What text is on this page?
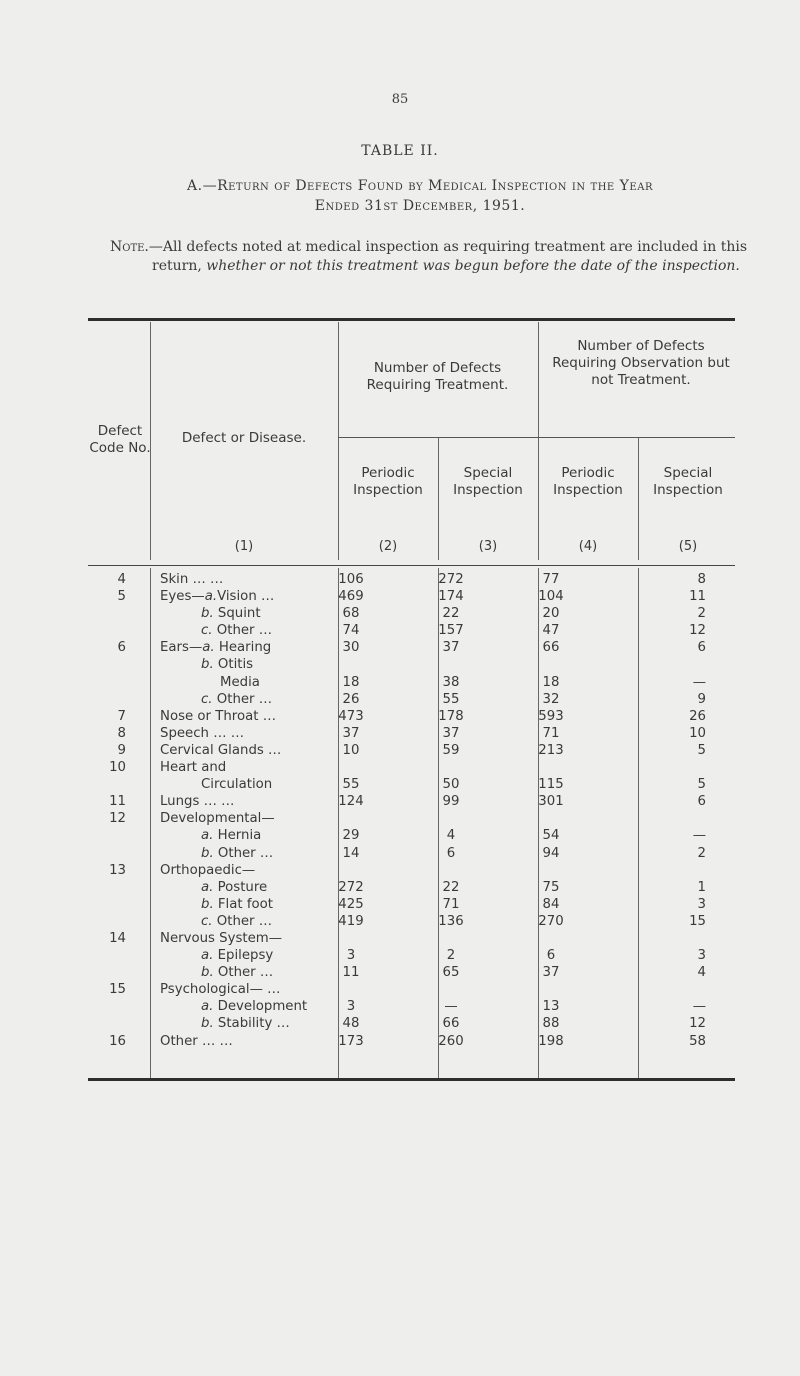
85
TABLE II.
A.—Return of Defects Found by Medical Inspection in the Year
Ended 31st December, 1951.
Note.—All defects noted at medical inspection as requiring treatment are included in this return, whether or not this treatment was begun before the date of the inspection.
Defect Code No.
Defect or Disease.
Number of Defects Requiring Treatment.
Number of Defects Requiring Observation but not Treatment.
Periodic Inspection
Special Inspection
Periodic Inspection
Special Inspection
(1)	(2)	(3)	(4)	(5)
4	Skin … …	106	272	77	8
5	Eyes—a.Vision …	469	174	104	11
b. Squint	68	22	20	2
c. Other …	74	157	47	12
6	Ears—a. Hearing	30	37	66	6
b. Otitis
Media	18	38	18	—
c. Other …	26	55	32	9
7	Nose or Throat …	473	178	593	26
8	Speech … …	37	37	71	10
9	Cervical Glands …	10	59	213	5
10	Heart and
Circulation	55	50	115	5
11	Lungs … …	124	99	301	6
12	Developmental—
a. Hernia	29	4	54	—
b. Other …	14	6	94	2
13	Orthopaedic—
a. Posture	272	22	75	1
b. Flat foot	425	71	84	3
c. Other …	419	136	270	15
14	Nervous System—
a. Epilepsy	3	2	6	3
b. Other …	11	65	37	4
15	Psychological— …
a. Development	3	—	13	—
b. Stability …	48	66	88	12
16	Other … …	173	260	198	58
